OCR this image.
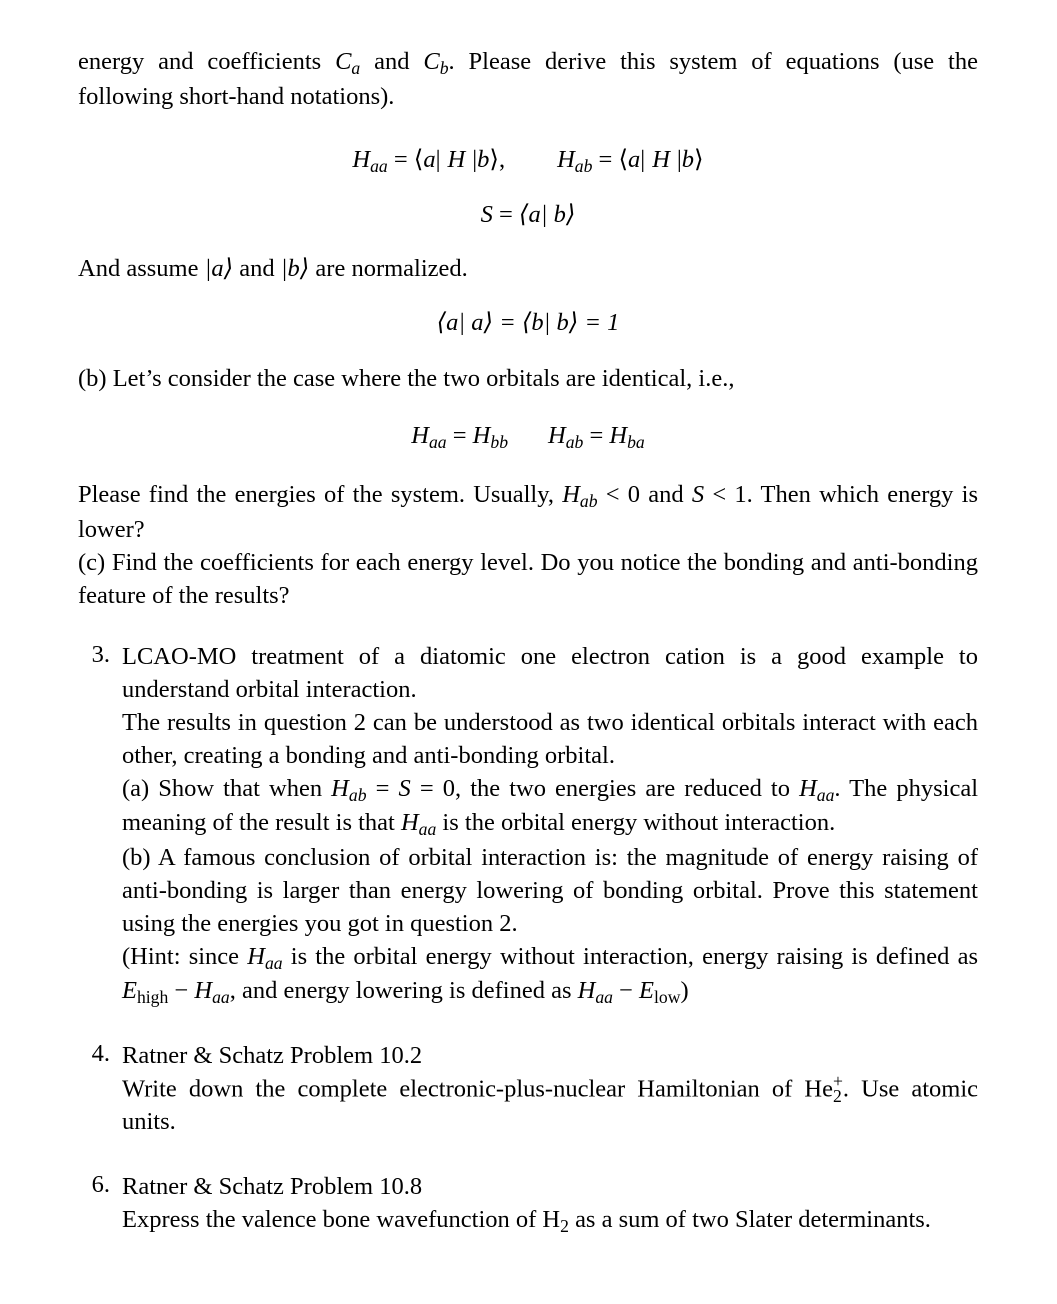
energy and coefficients $C_a$ and $C_b$. Please derive this system of equations (use the following short-hand notations).
$H_{aa}$ = ⟨a| H |b⟩, $H_{ab}$ = ⟨a| H |b⟩
S = ⟨a| b⟩
And assume |a⟩ and |b⟩ are normalized.
⟨a| a⟩ = ⟨b| b⟩ = 1
(b) Let’s consider the case where the two orbitals are identical, i.e.,
$H_{aa} = H_{bb}$ $H_{ab} = H_{ba}$
Please find the energies of the system. Usually, $H_{ab} < 0$ and S < 1. Then which energy is lower?
(c) Find the coefficients for each energy level. Do you notice the bonding and anti-bonding feature of the results?
3. LCAO-MO treatment of a diatomic one electron cation is a good example to understand orbital interaction.
The results in question 2 can be understood as two identical orbitals interact with each other, creating a bonding and anti-bonding orbital.
(a) Show that when $H_{ab} = S = 0$, the two energies are reduced to $H_{aa}$. The physical meaning of the result is that $H_{aa}$ is the orbital energy without interaction.
(b) A famous conclusion of orbital interaction is: the magnitude of energy raising of anti-bonding is larger than energy lowering of bonding orbital. Prove this statement using the energies you got in question 2.
(Hint: since $H_{aa}$ is the orbital energy without interaction, energy raising is defined as $E_{high} - H_{aa}$, and energy lowering is defined as $H_{aa} - E_{low}$)
4. Ratner & Schatz Problem 10.2
Write down the complete electronic-plus-nuclear Hamiltonian of He +
2 . Use atomic units.
6. Ratner & Schatz Problem 10.8
Express the valence bone wavefunction of $H_2$ as a sum of two Slater determinants.
